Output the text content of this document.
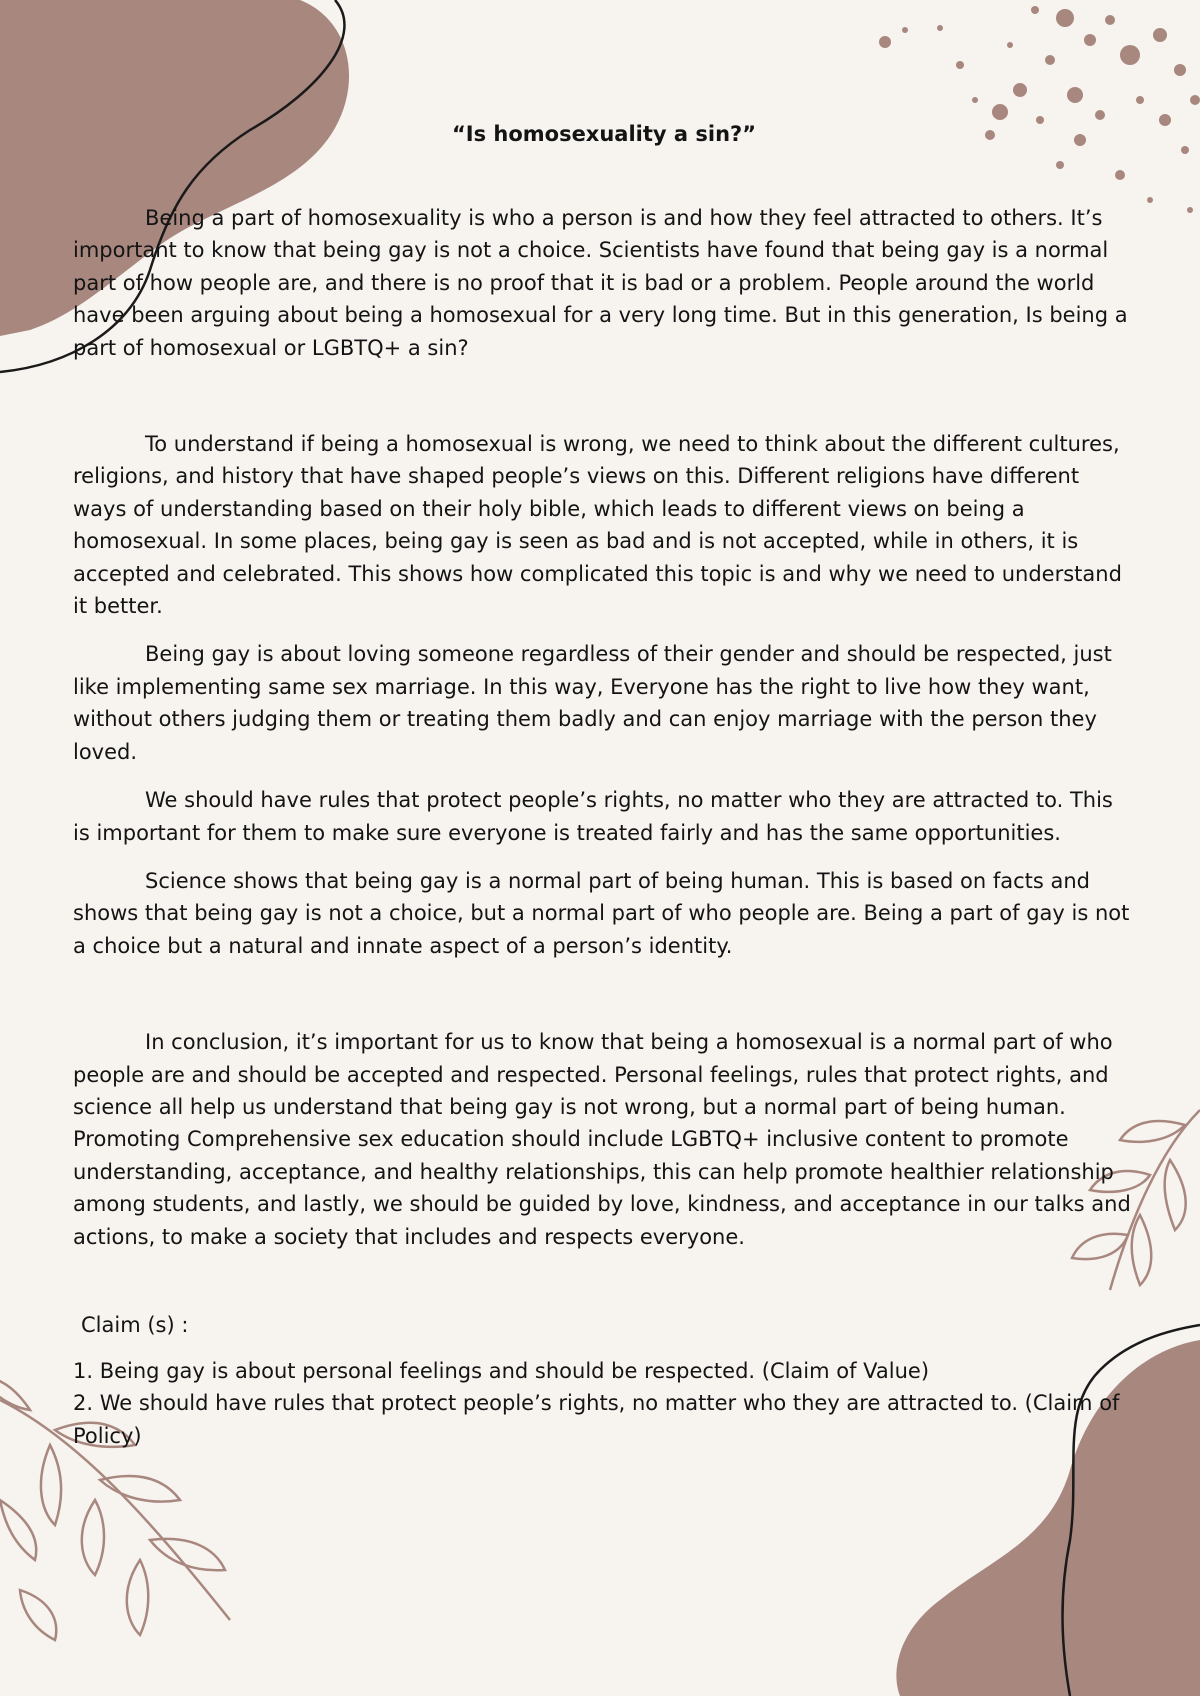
“Is homosexuality a sin?”

Being a part of homosexuality is who a person is and how they feel attracted to others. It’s important to know that being gay is not a choice. Scientists have found that being gay is a normal part of how people are, and there is no proof that it is bad or a problem. People around the world have been arguing about being a homosexual for a very long time. But in this generation, Is being a part of homosexual or LGBTQ+ a sin?

To understand if being a homosexual is wrong, we need to think about the different cultures, religions, and history that have shaped people’s views on this. Different religions have different ways of understanding based on their holy bible, which leads to different views on being a homosexual. In some places, being gay is seen as bad and is not accepted, while in others, it is accepted and celebrated. This shows how complicated this topic is and why we need to understand it better.

Being gay is about loving someone regardless of their gender and should be respected, just like implementing same sex marriage. In this way, Everyone has the right to live how they want, without others judging them or treating them badly and can enjoy marriage with the person they loved.

We should have rules that protect people’s rights, no matter who they are attracted to. This is important for them to make sure everyone is treated fairly and has the same opportunities.

Science shows that being gay is a normal part of being human. This is based on facts and shows that being gay is not a choice, but a normal part of who people are. Being a part of gay is not a choice but a natural and innate aspect of a person’s identity.

In conclusion, it’s important for us to know that being a homosexual is a normal part of who people are and should be accepted and respected. Personal feelings, rules that protect rights, and science all help us understand that being gay is not wrong, but a normal part of being human. Promoting Comprehensive sex education should include LGBTQ+ inclusive content to promote understanding, acceptance, and healthy relationships, this can help promote healthier relationship among students, and lastly, we should be guided by love, kindness, and acceptance in our talks and actions, to make a society that includes and respects everyone.

Claim (s) :

1. Being gay is about personal feelings and should be respected. (Claim of Value)

2. We should have rules that protect people’s rights, no matter who they are attracted to. (Claim of Policy)
